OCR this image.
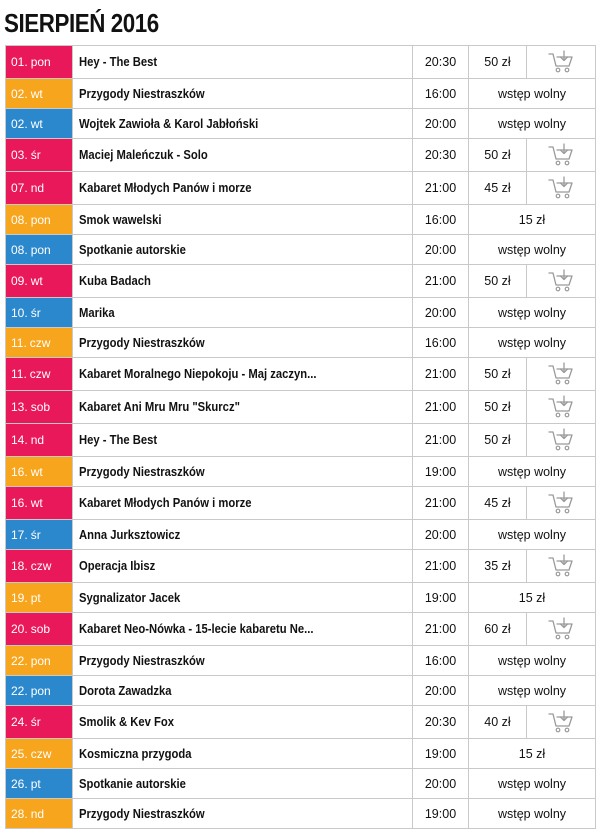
SIERPIEŃ 2016
01. pon	Hey - The Best	20:30	50 zł	
02. wt	Przygody Niestraszków	16:00	wstęp wolny	
02. wt	Wojtek Zawioła & Karol Jabłoński	20:00	wstęp wolny	
03. śr	Maciej Maleńczuk - Solo	20:30	50 zł	
07. nd	Kabaret Młodych Panów i morze	21:00	45 zł	
08. pon	Smok wawelski	16:00	15 zł	
08. pon	Spotkanie autorskie	20:00	wstęp wolny	
09. wt	Kuba Badach	21:00	50 zł	
10. śr	Marika	20:00	wstęp wolny	
11. czw	Przygody Niestraszków	16:00	wstęp wolny	
11. czw	Kabaret Moralnego Niepokoju - Maj zaczyn...	21:00	50 zł	
13. sob	Kabaret Ani Mru Mru "Skurcz"	21:00	50 zł	
14. nd	Hey - The Best	21:00	50 zł	
16. wt	Przygody Niestraszków	19:00	wstęp wolny	
16. wt	Kabaret Młodych Panów i morze	21:00	45 zł	
17. śr	Anna Jurksztowicz	20:00	wstęp wolny	
18. czw	Operacja Ibisz	21:00	35 zł	
19. pt	Sygnalizator Jacek	19:00	15 zł	
20. sob	Kabaret Neo-Nówka - 15-lecie kabaretu Ne...	21:00	60 zł	
22. pon	Przygody Niestraszków	16:00	wstęp wolny	
22. pon	Dorota Zawadzka	20:00	wstęp wolny	
24. śr	Smolik & Kev Fox	20:30	40 zł	
25. czw	Kosmiczna przygoda	19:00	15 zł	
26. pt	Spotkanie autorskie	20:00	wstęp wolny	
28. nd	Przygody Niestraszków	19:00	wstęp wolny	
